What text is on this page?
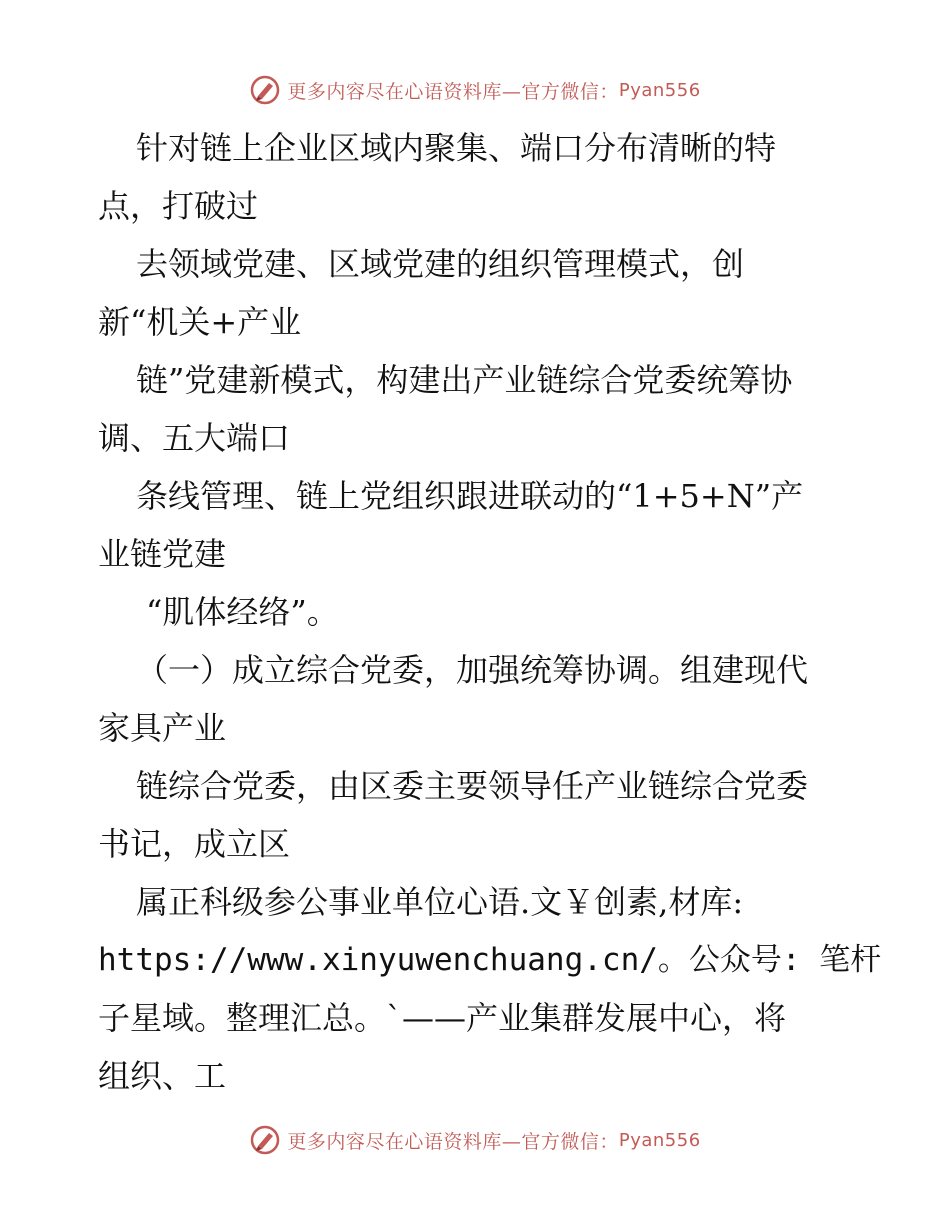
更多内容尽在心语资料库—官方微信： Pyan556
针对链上企业区域内聚集、端口分布清晰的特
点，打破过
去领域党建、区域党建的组织管理模式，创
新“机关+产业
链”党建新模式，构建出产业链综合党委统筹协
调、五大端口
条线管理、链上党组织跟进联动的“1+5+N”产
业链党建
“肌体经络”。
（一）成立综合党委，加强统筹协调。组建现代
家具产业
链综合党委，由区委主要领导任产业链综合党委
书记，成立区
属正科级参公事业单位心语.文￥创素,材库:
https://www.xinyuwenchuang.cn/。公众号: 笔杆
子星域。整理汇总。`——产业集群发展中心，将
组织、工
更多内容尽在心语资料库—官方微信： Pyan556
